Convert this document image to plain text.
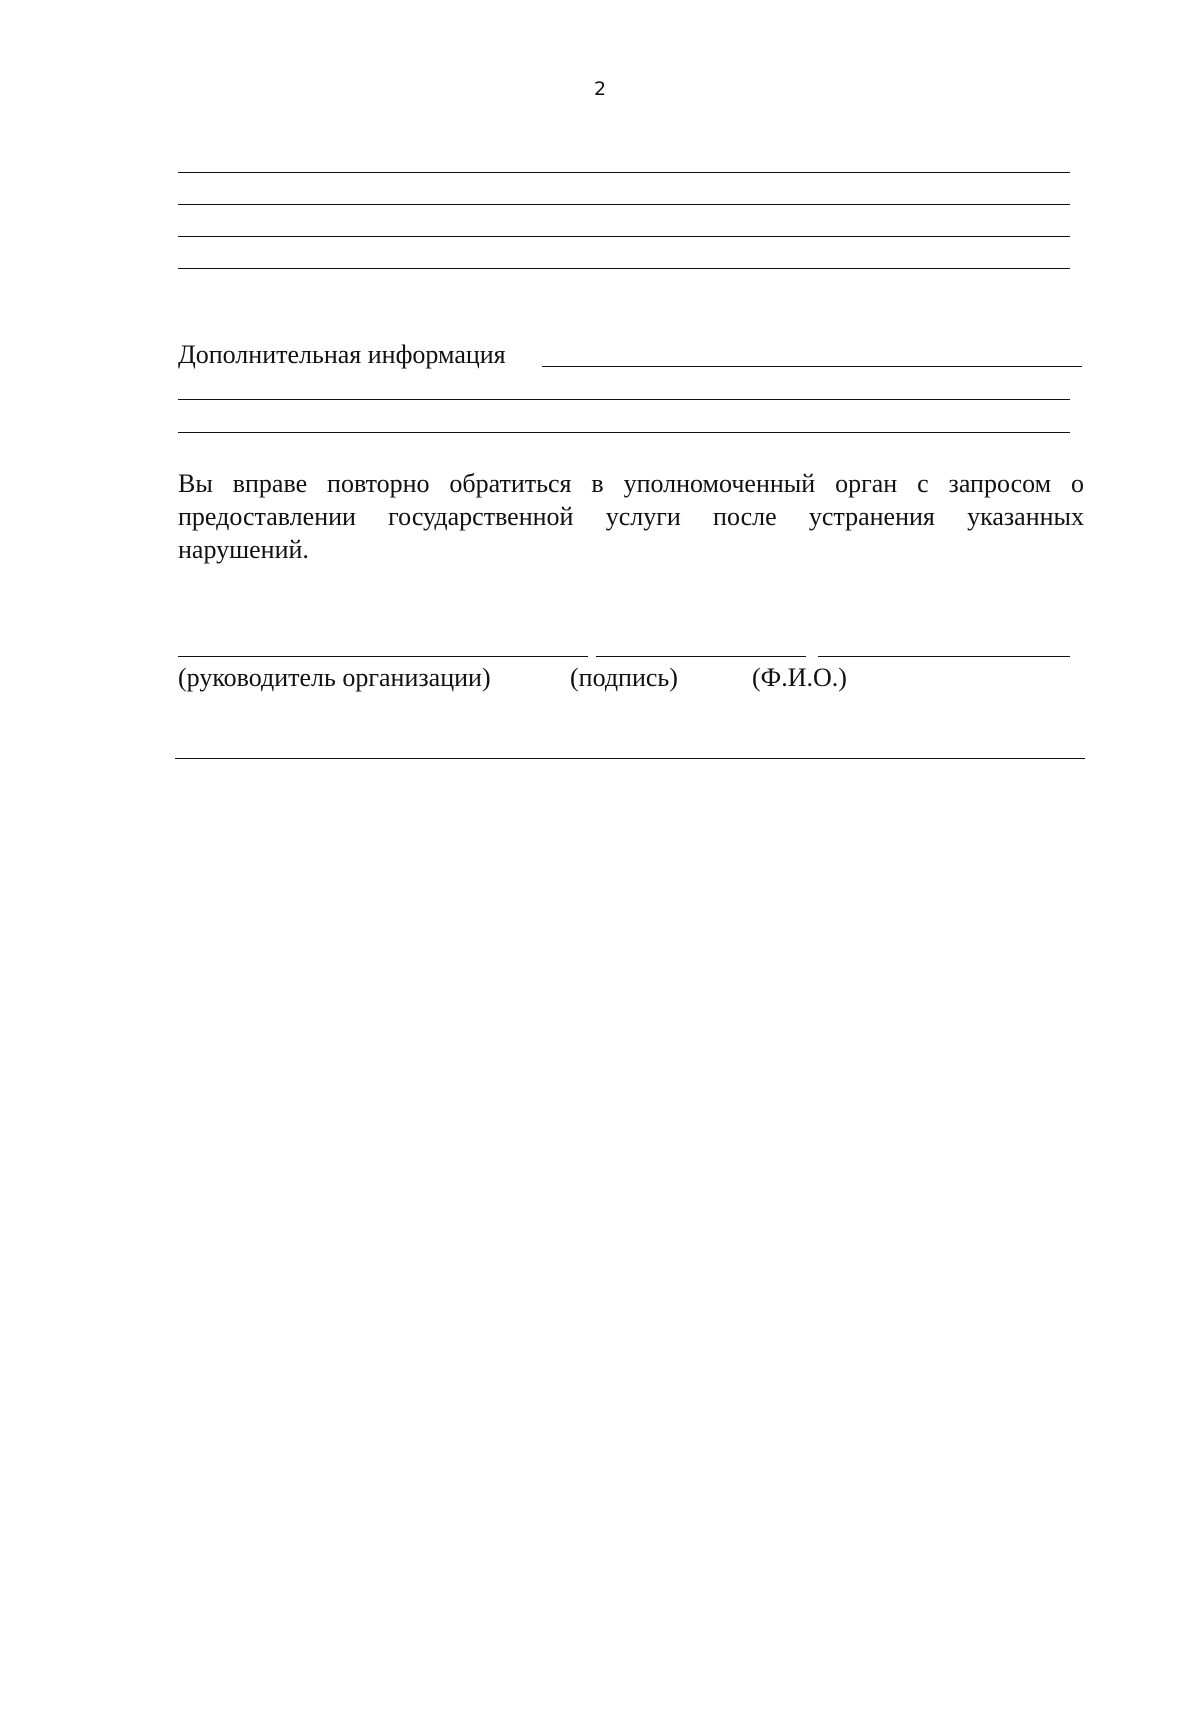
2
Дополнительная информация
Вы вправе повторно обратиться в уполномоченный орган с запросом о предоставлении государственной услуги после устранения указанных нарушений.
(руководитель организации)	(подпись)	(Ф.И.О.)
